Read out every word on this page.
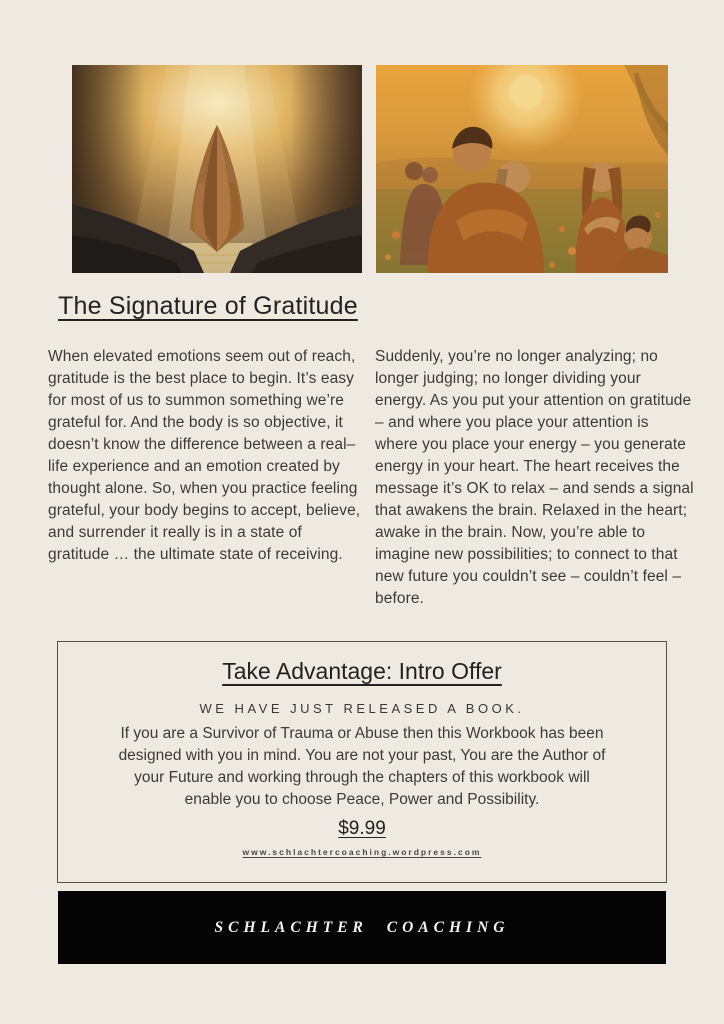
The Signature of Gratitude

When elevated emotions seem out of reach, gratitude is the best place to begin. It’s easy for most of us to summon something we’re grateful for. And the body is so objective, it doesn’t know the difference between a real–life experience and an emotion created by thought alone. So, when you practice feeling grateful, your body begins to accept, believe, and surrender it really is in a state of gratitude … the ultimate state of receiving.

Suddenly, you’re no longer analyzing; no longer judging; no longer dividing your energy. As you put your attention on gratitude – and where you place your attention is where you place your energy – you generate energy in your heart. The heart receives the message it’s OK to relax – and sends a signal that awakens the brain. Relaxed in the heart; awake in the brain. Now, you’re able to imagine new possibilities; to connect to that new future you couldn’t see – couldn’t feel – before.

Take Advantage: Intro Offer
WE HAVE JUST RELEASED A BOOK.

If you are a Survivor of Trauma or Abuse then this Workbook has been designed with you in mind. You are not your past, You are the Author of your Future and working through the chapters of this workbook will enable you to choose Peace, Power and Possibility.

$9.99
www.schlachtercoaching.wordpress.com
SCHLACHTER COACHING
